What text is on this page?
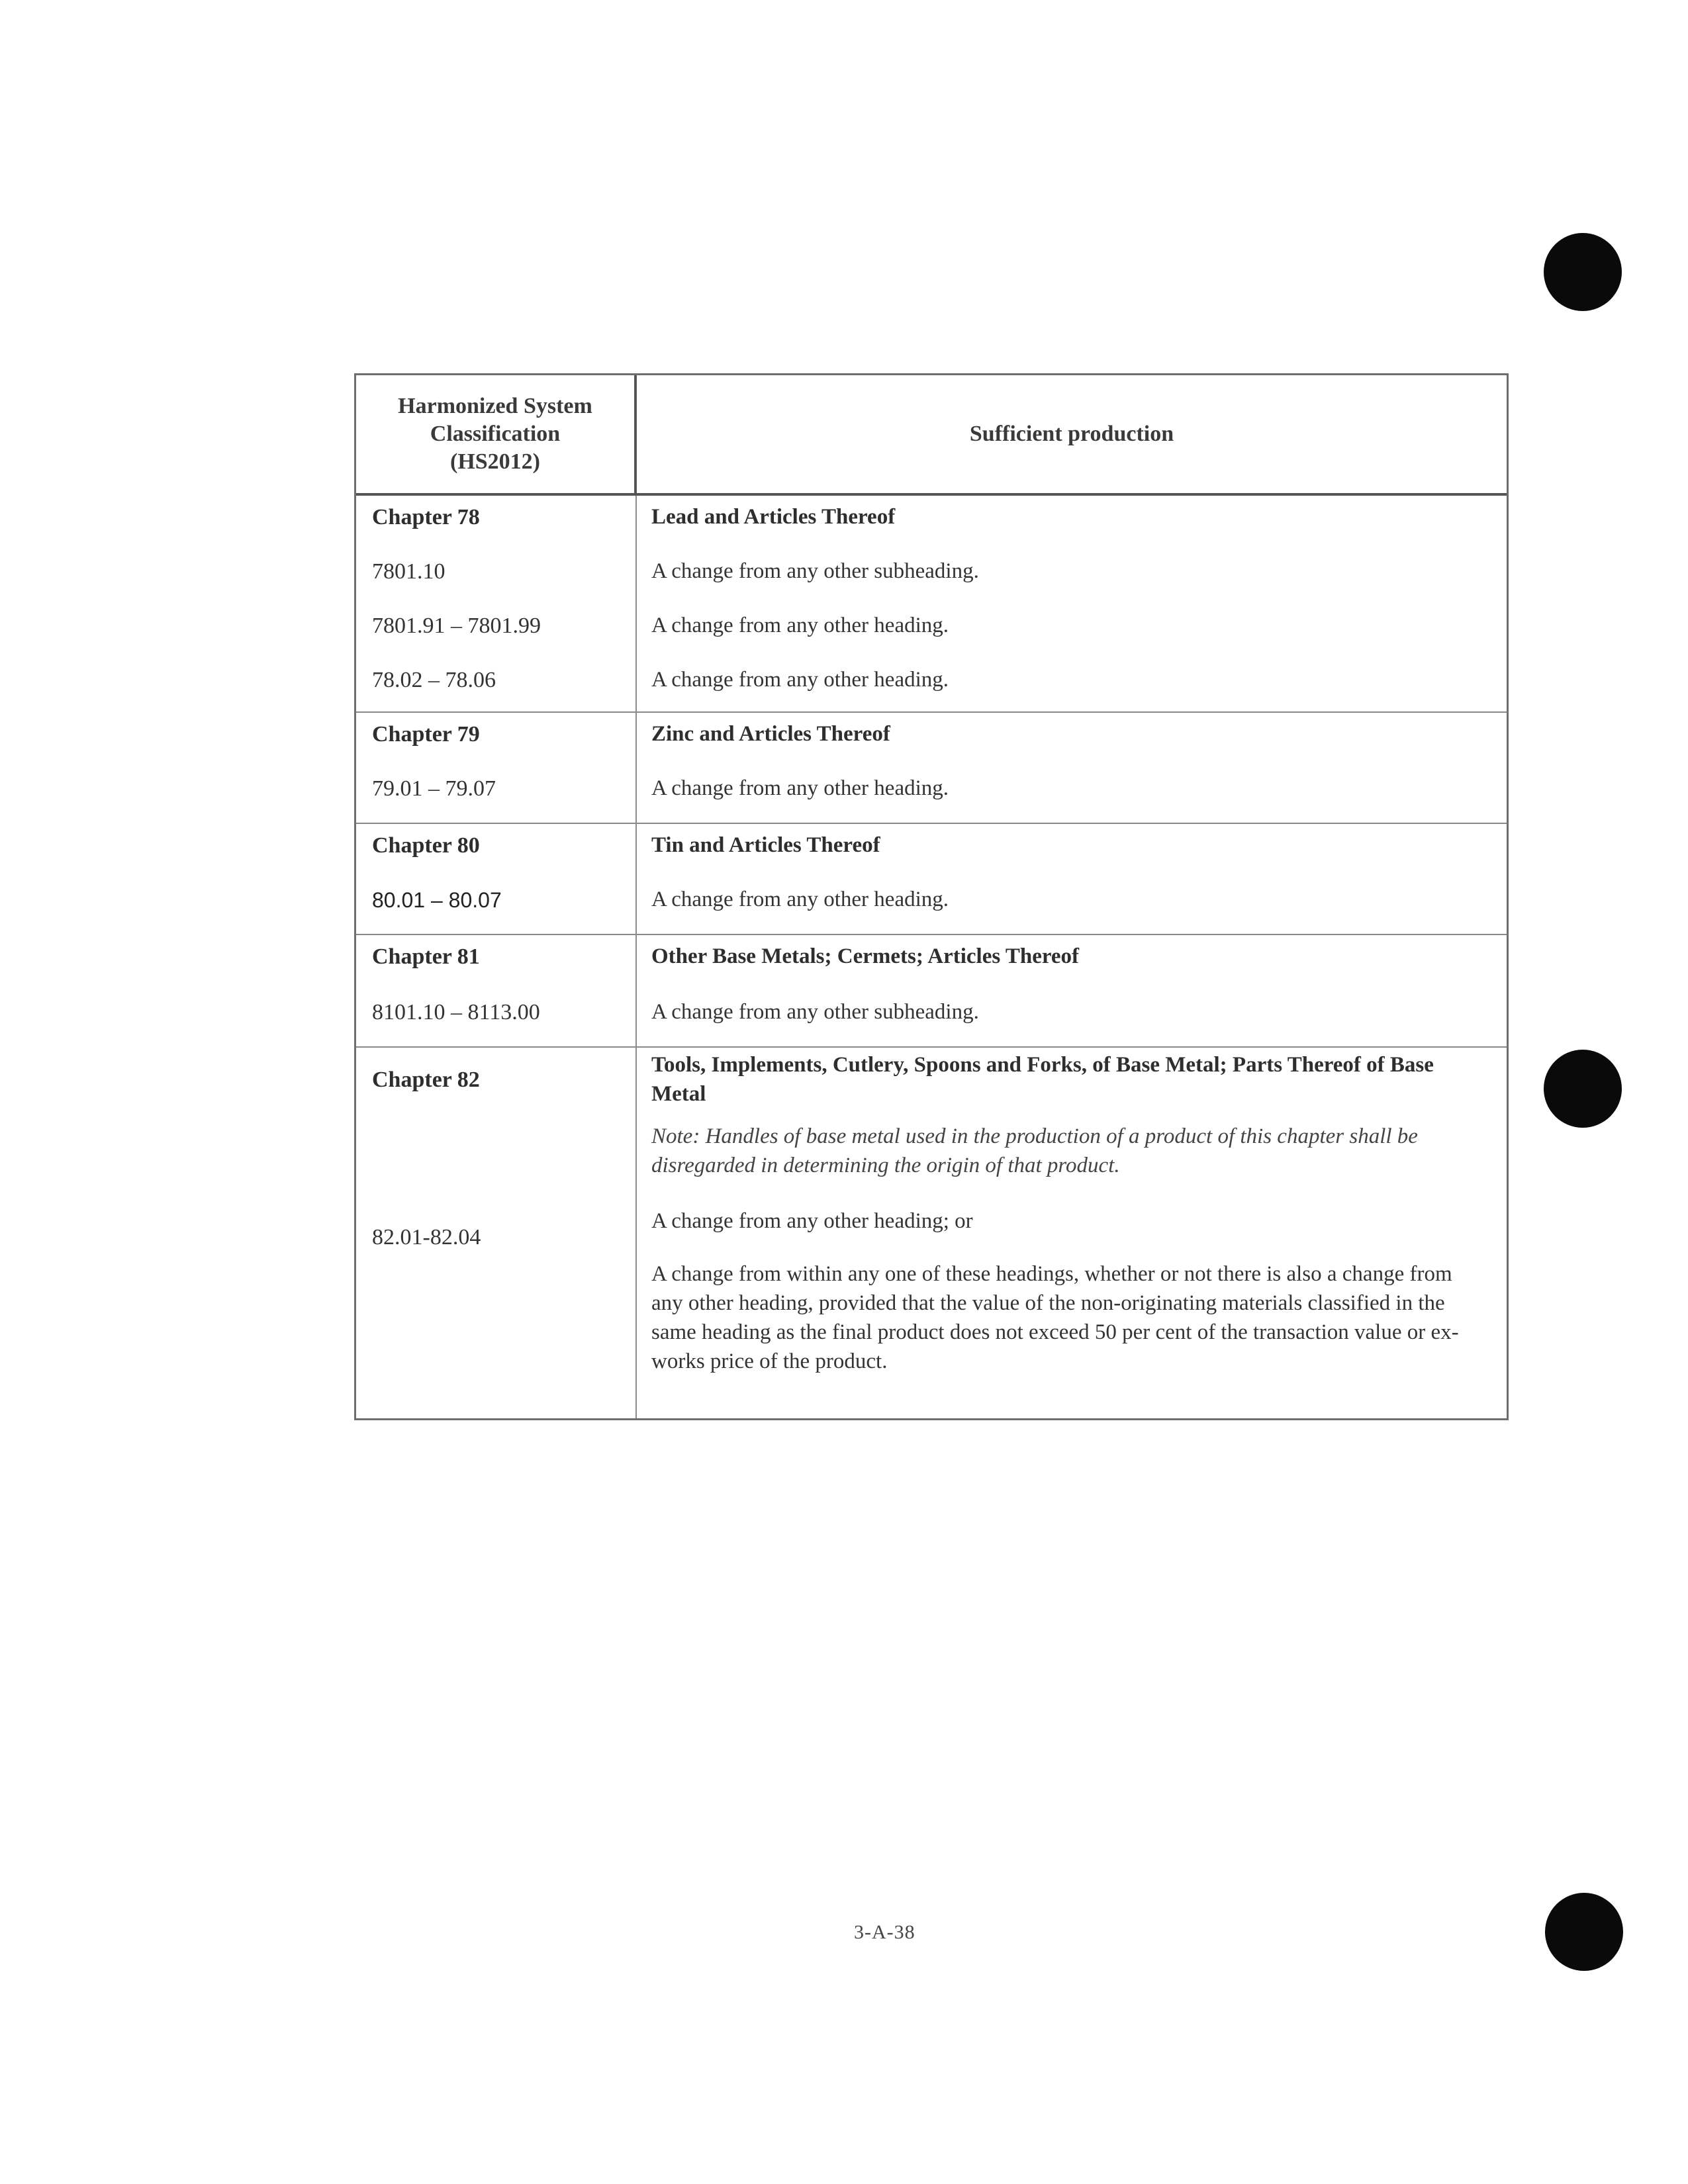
Harmonized System
Classification
(HS2012)
Sufficient production
Chapter 78
7801.10
7801.91 – 7801.99
78.02 – 78.06
Lead and Articles Thereof
A change from any other subheading.
A change from any other heading.
A change from any other heading.
Chapter 79
79.01 – 79.07
Zinc and Articles Thereof
A change from any other heading.
Chapter 80
80.01 – 80.07
Tin and Articles Thereof
A change from any other heading.
Chapter 81
8101.10 – 8113.00
Other Base Metals; Cermets; Articles Thereof
A change from any other subheading.
Chapter 82
82.01-82.04
Tools, Implements, Cutlery, Spoons and Forks, of Base Metal; Parts Thereof of Base Metal
Note: Handles of base metal used in the production of a product of this chapter shall be disregarded in determining the origin of that product.
A change from any other heading; or
A change from within any one of these headings, whether or not there is also a change from any other heading, provided that the value of the non-originating materials classified in the same heading as the final product does not exceed 50 per cent of the transaction value or ex-works price of the product.
3-A-38
